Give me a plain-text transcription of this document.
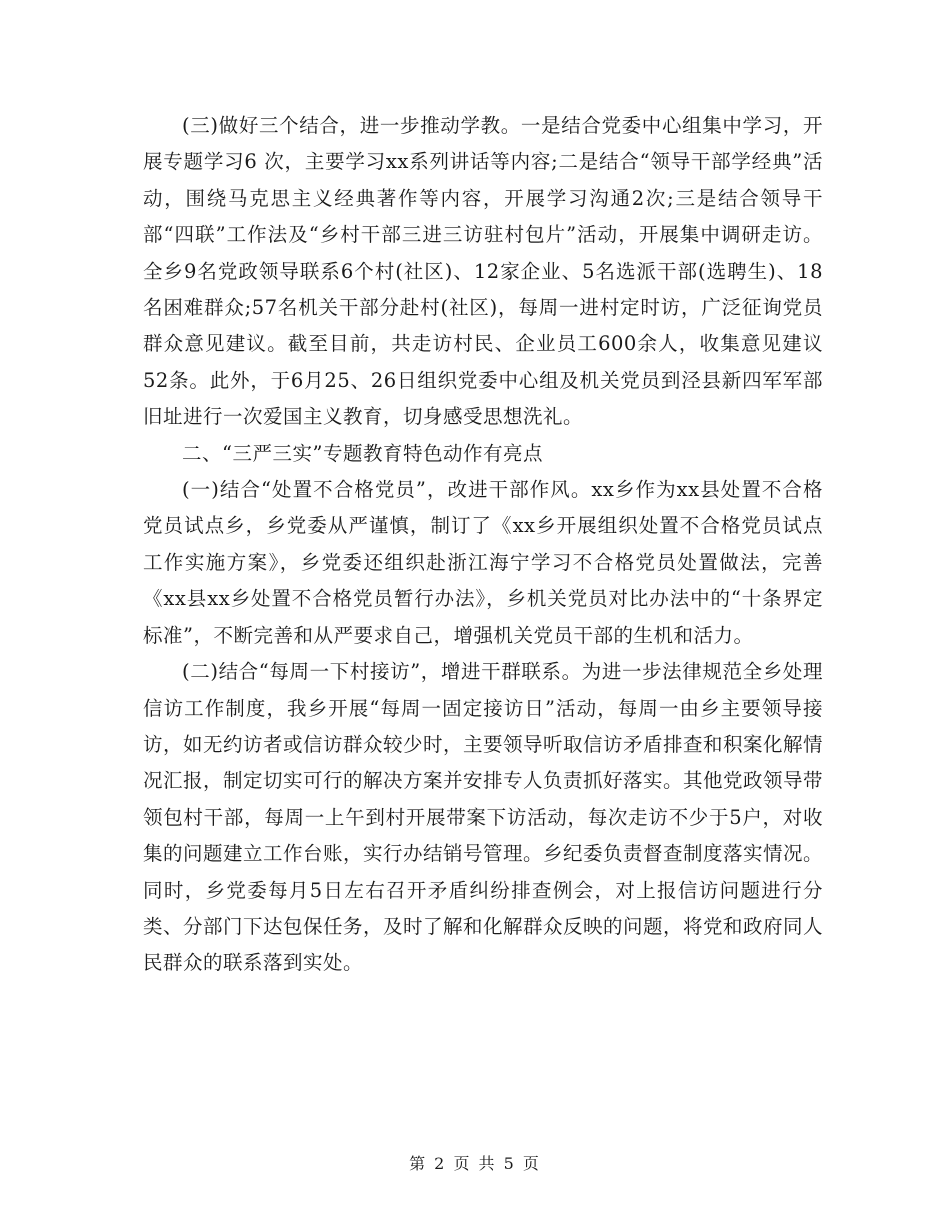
(三)做好三个结合，进一步推动学教。一是结合党委中心组集中学习，开展专题学习6 次，主要学习xx系列讲话等内容;二是结合“领导干部学经典”活动，围绕马克思主义经典著作等内容，开展学习沟通2次;三是结合领导干部“四联”工作法及“乡村干部三进三访驻村包片”活动，开展集中调研走访。全乡9名党政领导联系6个村(社区)、12家企业、5名选派干部(选聘生)、18名困难群众;57名机关干部分赴村(社区)，每周一进村定时访，广泛征询党员群众意见建议。截至目前，共走访村民、企业员工600余人，收集意见建议52条。此外，于6月25、26日组织党委中心组及机关党员到泾县新四军军部旧址进行一次爱国主义教育，切身感受思想洗礼。

二、“三严三实”专题教育特色动作有亮点

(一)结合“处置不合格党员”，改进干部作风。xx乡作为xx县处置不合格党员试点乡，乡党委从严谨慎，制订了《xx乡开展组织处置不合格党员试点工作实施方案》，乡党委还组织赴浙江海宁学习不合格党员处置做法，完善《xx县xx乡处置不合格党员暂行办法》，乡机关党员对比办法中的“十条界定标准”，不断完善和从严要求自己，增强机关党员干部的生机和活力。

(二)结合“每周一下村接访”，增进干群联系。为进一步法律规范全乡处理信访工作制度，我乡开展“每周一固定接访日”活动，每周一由乡主要领导接访，如无约访者或信访群众较少时，主要领导听取信访矛盾排查和积案化解情况汇报，制定切实可行的解决方案并安排专人负责抓好落实。其他党政领导带领包村干部，每周一上午到村开展带案下访活动，每次走访不少于5户，对收集的问题建立工作台账，实行办结销号管理。乡纪委负责督查制度落实情况。同时，乡党委每月5日左右召开矛盾纠纷排查例会，对上报信访问题进行分类、分部门下达包保任务，及时了解和化解群众反映的问题，将党和政府同人民群众的联系落到实处。

第 2 页 共 5 页
